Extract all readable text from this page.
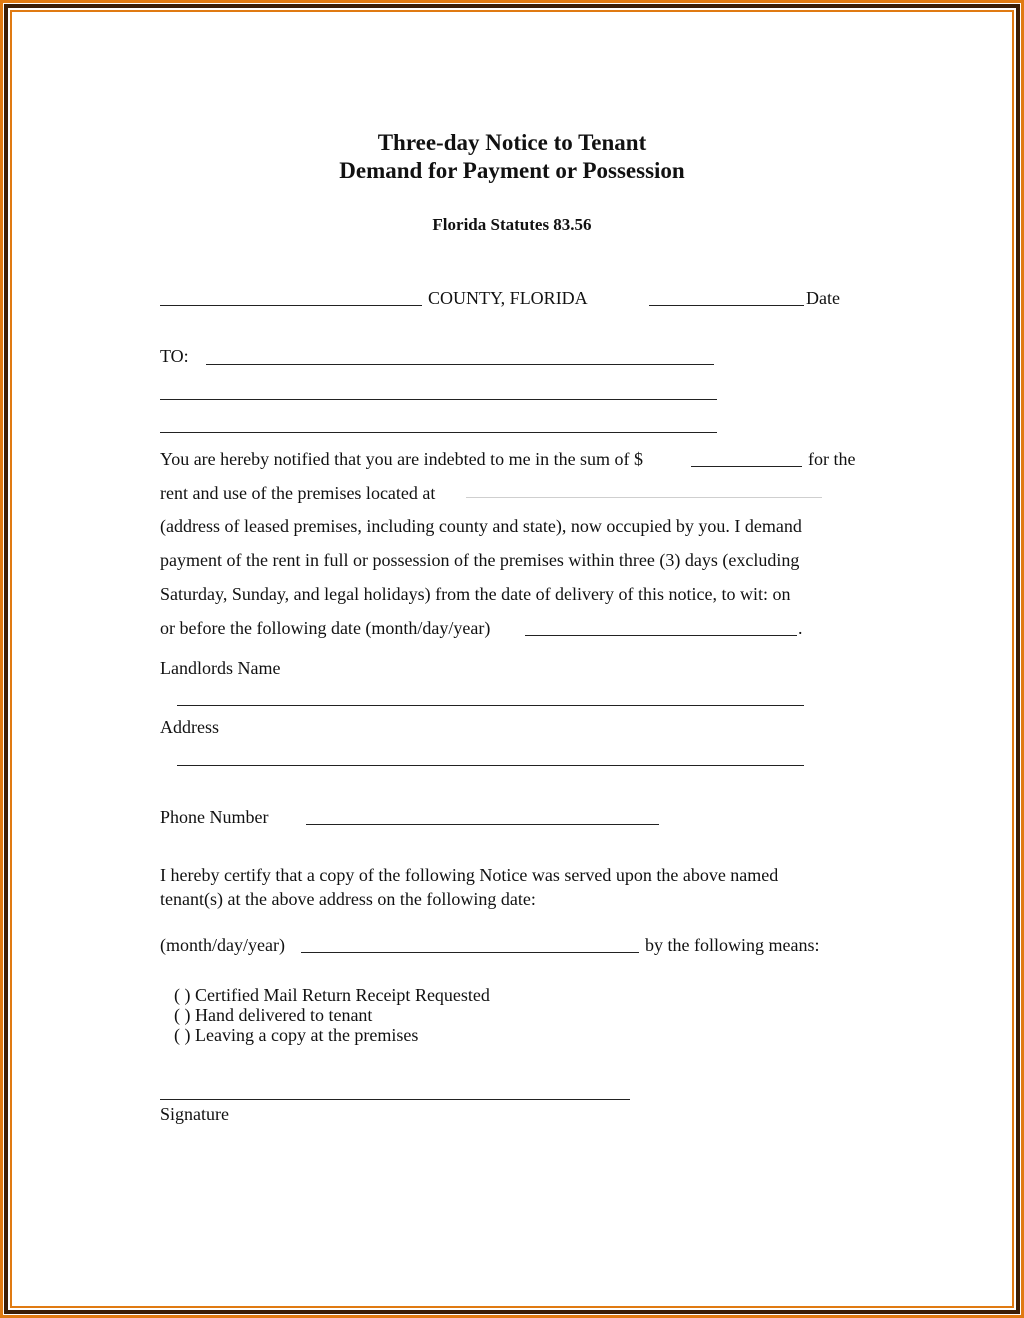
Three-day Notice to Tenant
Demand for Payment or Possession
Florida Statutes 83.56
COUNTY, FLORIDA	Date
TO:
You are hereby notified that you are indebted to me in the sum of $	for the
rent and use of the premises located at
(address of leased premises, including county and state), now occupied by you. I demand
payment of the rent in full or possession of the premises within three (3) days (excluding
Saturday, Sunday, and legal holidays) from the date of delivery of this notice, to wit: on
or before the following date (month/day/year)	.
Landlords Name
Address
Phone Number
I hereby certify that a copy of the following Notice was served upon the above named
tenant(s) at the above address on the following date:
(month/day/year)	by the following means:
( ) Certified Mail Return Receipt Requested
( ) Hand delivered to tenant
( ) Leaving a copy at the premises
Signature
